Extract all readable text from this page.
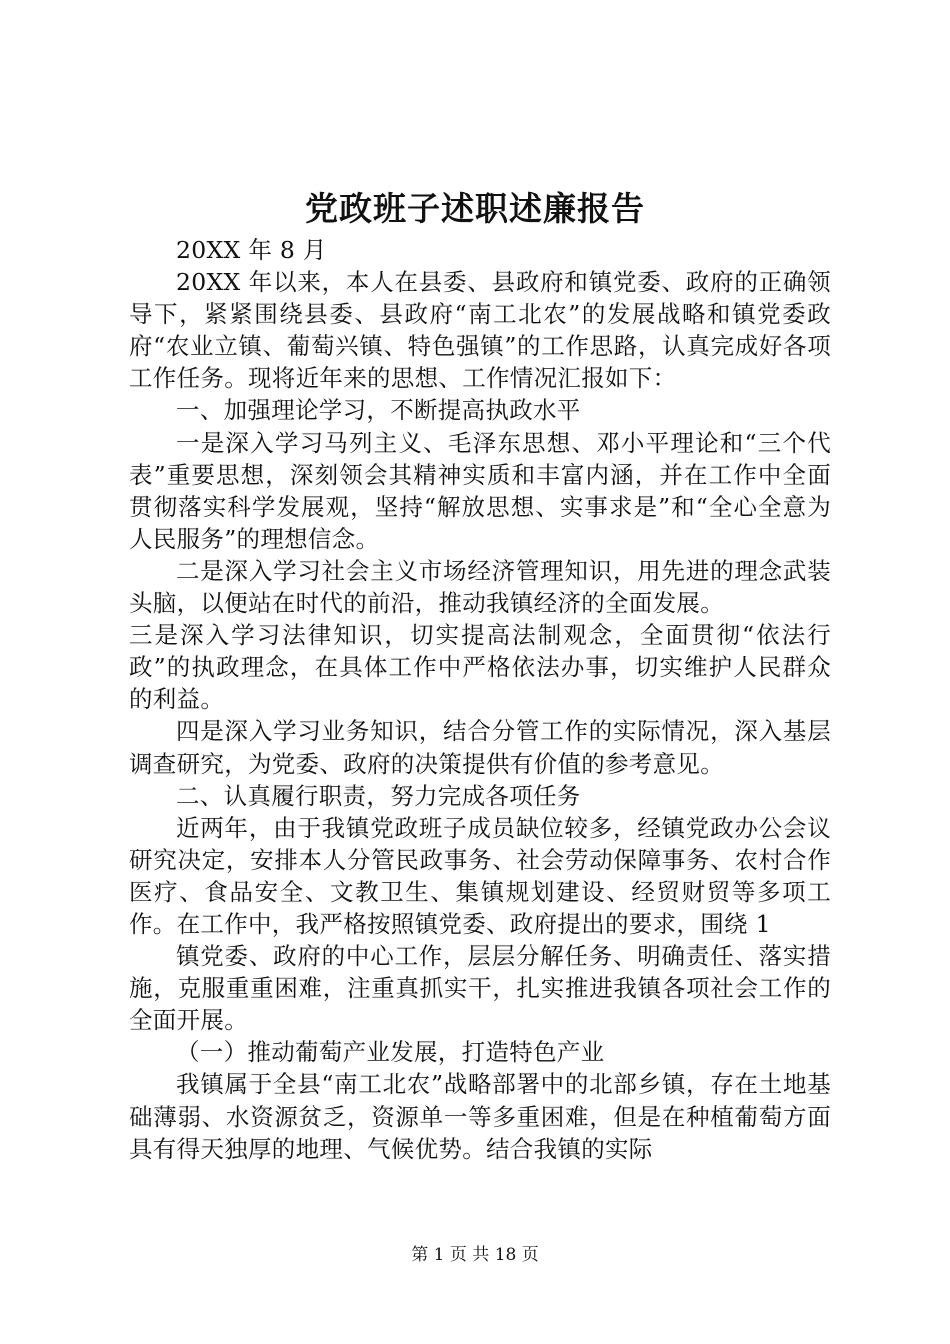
党政班子述职述廉报告

20XX 年 8 月

20XX 年以来，本人在县委、县政府和镇党委、政府的正确领导下，紧紧围绕县委、县政府“南工北农”的发展战略和镇党委政府“农业立镇、葡萄兴镇、特色强镇”的工作思路，认真完成好各项工作任务。现将近年来的思想、工作情况汇报如下：

一、加强理论学习，不断提高执政水平

一是深入学习马列主义、毛泽东思想、邓小平理论和“三个代表”重要思想，深刻领会其精神实质和丰富内涵，并在工作中全面贯彻落实科学发展观，坚持“解放思想、实事求是”和“全心全意为人民服务”的理想信念。

二是深入学习社会主义市场经济管理知识，用先进的理念武装头脑，以便站在时代的前沿，推动我镇经济的全面发展。

三是深入学习法律知识，切实提高法制观念，全面贯彻“依法行政”的执政理念，在具体工作中严格依法办事，切实维护人民群众的利益。

四是深入学习业务知识，结合分管工作的实际情况，深入基层调查研究，为党委、政府的决策提供有价值的参考意见。

二、认真履行职责，努力完成各项任务

近两年，由于我镇党政班子成员缺位较多，经镇党政办公会议研究决定，安排本人分管民政事务、社会劳动保障事务、农村合作医疗、食品安全、文教卫生、集镇规划建设、经贸财贸等多项工作。在工作中，我严格按照镇党委、政府提出的要求，围绕 1

镇党委、政府的中心工作，层层分解任务、明确责任、落实措施，克服重重困难，注重真抓实干，扎实推进我镇各项社会工作的全面开展。

（一）推动葡萄产业发展，打造特色产业

我镇属于全县“南工北农”战略部署中的北部乡镇，存在土地基础薄弱、水资源贫乏，资源单一等多重困难，但是在种植葡萄方面具有得天独厚的地理、气候优势。结合我镇的实际

第 1 页 共 18 页
